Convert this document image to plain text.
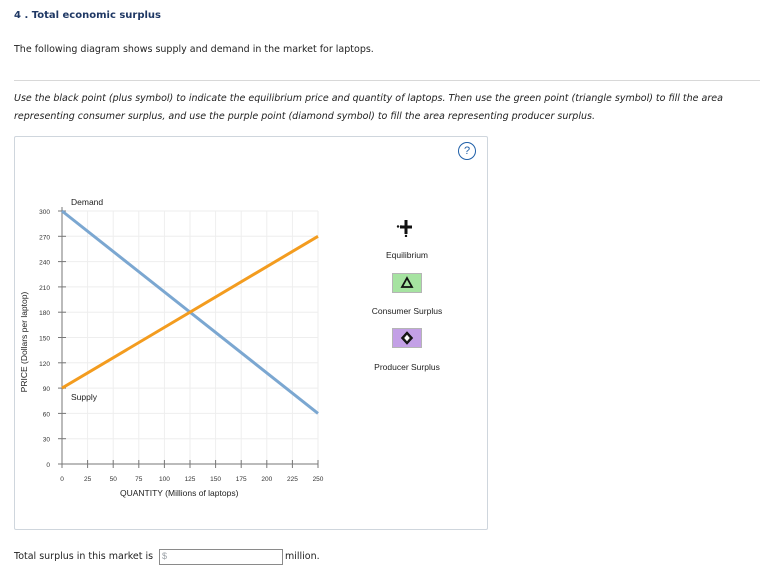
4 . Total economic surplus
The following diagram shows supply and demand in the market for laptops.
Use the black point (plus symbol) to indicate the equilibrium price and quantity of laptops. Then use the green point (triangle symbol) to fill the area representing consumer surplus, and use the purple point (diamond symbol) to fill the area representing producer surplus.
?
0
30
60
90
120
150
180
210
240
270
300
0	25	50	75	100 125 150 175 200 225 250
PRICE (Dollars per laptop)
QUANTITY (Millions of laptops)
Demand
Supply
Equilibrium
Consumer Surplus
Producer Surplus
Total surplus in this market is $	million.
